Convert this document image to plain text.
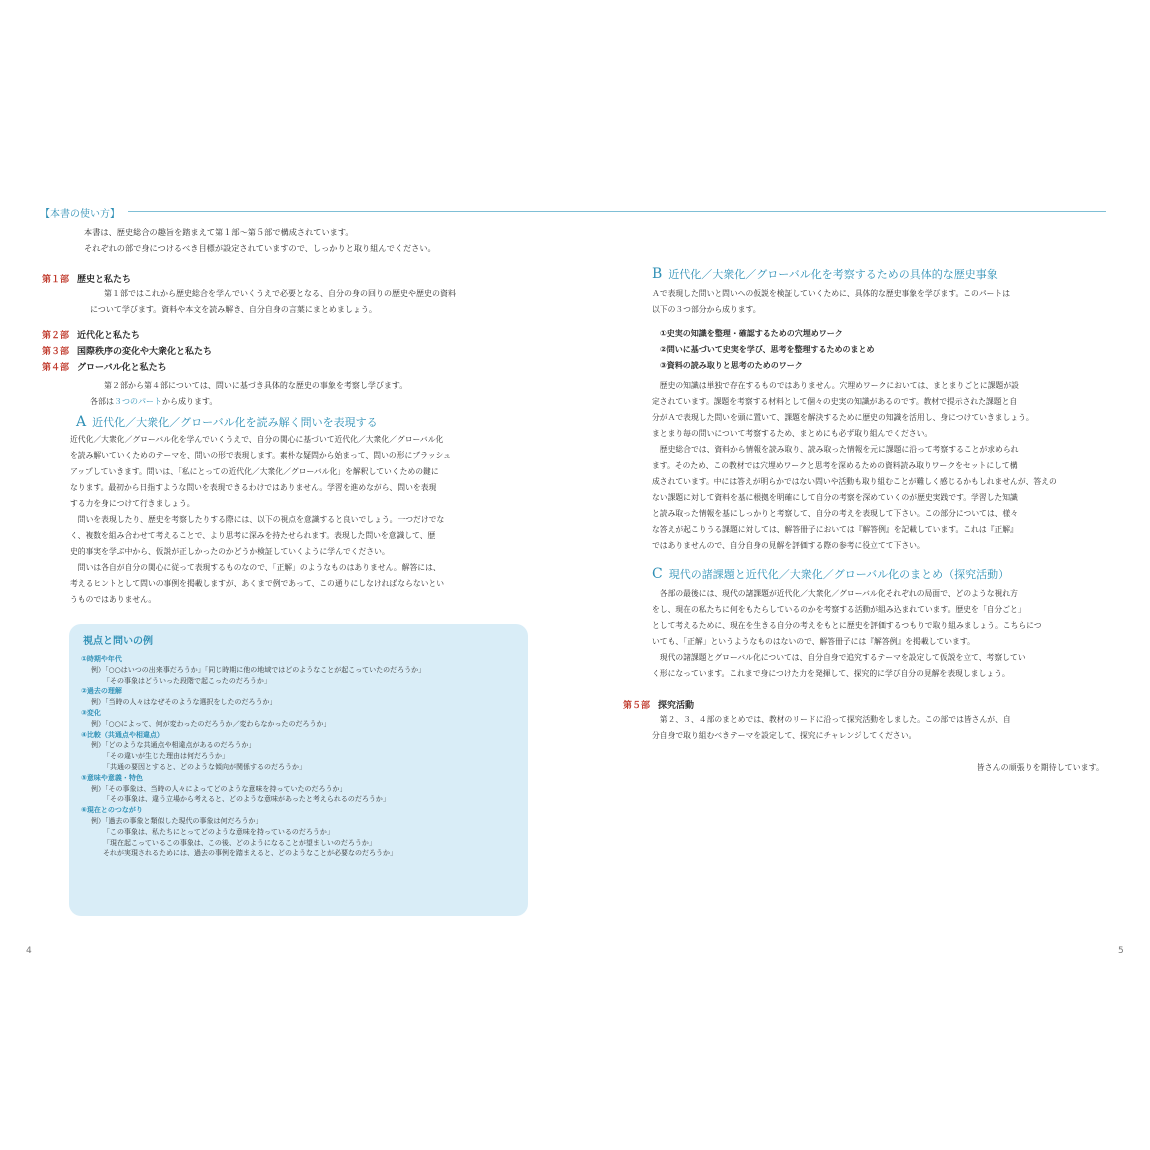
【本書の使い方】

本書は、歴史総合の趣旨を踏まえて第１部〜第５部で構成されています。

それぞれの部で身につけるべき目標が設定されていますので、しっかりと取り組んでください。

第１部 歴史と私たち

第１部ではこれから歴史総合を学んでいくうえで必要となる、自分の身の回りの歴史や歴史の資料

について学びます。資料や本文を読み解き、自分自身の言葉にまとめましょう。

第２部 近代化と私たち
第３部 国際秩序の変化や大衆化と私たち
第４部 グローバル化と私たち

第２部から第４部については、問いに基づき具体的な歴史の事象を考察し学びます。

各部は３つのパートから成ります。

A 近代化／大衆化／グローバル化を読み解く問いを表現する

近代化／大衆化／グローバル化を学んでいくうえで、自分の関心に基づいて近代化／大衆化／グローバル化

を読み解いていくためのテーマを、問いの形で表現します。素朴な疑問から始まって、問いの形にブラッシュ

アップしていきます。問いは、「私にとっての近代化／大衆化／グローバル化」を解釈していくための鍵に

なります。最初から日指すような問いを表現できるわけではありません。学習を進めながら、問いを表現

する力を身につけて行きましょう。

　問いを表現したり、歴史を考察したりする際には、以下の視点を意識すると良いでしょう。一つだけでな

く、複数を組み合わせて考えることで、より思考に深みを持たせられます。表現した問いを意識して、歴

史的事実を学ぶ中から、仮説が正しかったのかどうか検証していくように学んでください。

　問いは各自が自分の関心に従って表現するものなので、「正解」のようなものはありません。解答には、

考えるヒントとして問いの事例を掲載しますが、あくまで例であって、この通りにしなければならないとい

うものではありません。

視点と問いの例

①時期や年代

例）「○○はいつの出来事だろうか」「同じ時期に他の地域ではどのようなことが起こっていたのだろうか」

「その事象はどういった段階で起こったのだろうか」

②過去の理解

例）「当時の人々はなぜそのような選択をしたのだろうか」

③変化

例）「○○によって、何が変わったのだろうか／変わらなかったのだろうか」

④比較（共通点や相違点）

例）「どのような共通点や相違点があるのだろうか」

「その違いが生じた理由は何だろうか」

「共通の要因とすると、どのような傾向が関係するのだろうか」

⑤意味や意義・特色

例）「その事象は、当時の人々によってどのような意味を持っていたのだろうか」

「その事象は、違う立場から考えると、どのような意味があったと考えられるのだろうか」

⑥現在とのつながり

例）「過去の事象と類似した現代の事象は何だろうか」

「この事象は、私たちにとってどのような意味を持っているのだろうか」

「現在起こっているこの事象は、この後、どのようになることが望ましいのだろうか」

それが実現されるためには、過去の事例を踏まえると、どのようなことが必要なのだろうか」

B 近代化／大衆化／グローバル化を考察するための具体的な歴史事象

Ａで表現した問いと問いへの仮説を検証していくために、具体的な歴史事象を学びます。このパートは

以下の３つ部分から成ります。

①史実の知識を整理・確認するための穴埋めワーク

②問いに基づいて史実を学び、思考を整理するためのまとめ

③資料の読み取りと思考のためのワーク

　歴史の知識は単独で存在するものではありません。穴埋めワークにおいては、まとまりごとに課題が設

定されています。課題を考察する材料として個々の史実の知識があるのです。教材で提示された課題と自

分がＡで表現した問いを頭に置いて、課題を解決するために歴史の知識を活用し、身につけていきましょう。

まとまり毎の問いについて考察するため、まとめにも必ず取り組んでください。

　歴史総合では、資料から情報を読み取り、読み取った情報を元に課題に沿って考察することが求められ

ます。そのため、この教材では穴埋めワークと思考を深めるための資料読み取りワークをセットにして構

成されています。中には答えが明らかではない問いや活動も取り組むことが難しく感じるかもしれませんが、答えの

ない課題に対して資料を基に根拠を明確にして自分の考察を深めていくのが歴史実践です。学習した知識

と読み取った情報を基にしっかりと考察して、自分の考えを表現して下さい。この部分については、様々

な答えが起こりうる課題に対しては、解答冊子においては『解答例』を記載しています。これは『正解』

ではありませんので、自分自身の見解を評価する際の参考に役立てて下さい。

C 現代の諸課題と近代化／大衆化／グローバル化のまとめ（探究活動）

　各部の最後には、現代の諸課題が近代化／大衆化／グローバル化それぞれの局面で、どのような視れ方

をし、現在の私たちに何をもたらしているのかを考察する活動が組み込まれています。歴史を「自分ごと」

として考えるために、現在を生きる自分の考えをもとに歴史を評価するつもりで取り組みましょう。こちらにつ

いても、「正解」というようなものはないので、解答冊子には『解答例』を掲載しています。

　現代の諸課題とグローバル化については、自分自身で追究するテーマを設定して仮説を立て、考察してい

く形になっています。これまで身につけた力を発揮して、探究的に学び自分の見解を表現しましょう。

第５部 探究活動

　第２、３、４部のまとめでは、教材のリードに沿って探究活動をしました。この部では皆さんが、自

分自身で取り組むべきテーマを設定して、探究にチャレンジしてください。

皆さんの頑張りを期待しています。
4	5
